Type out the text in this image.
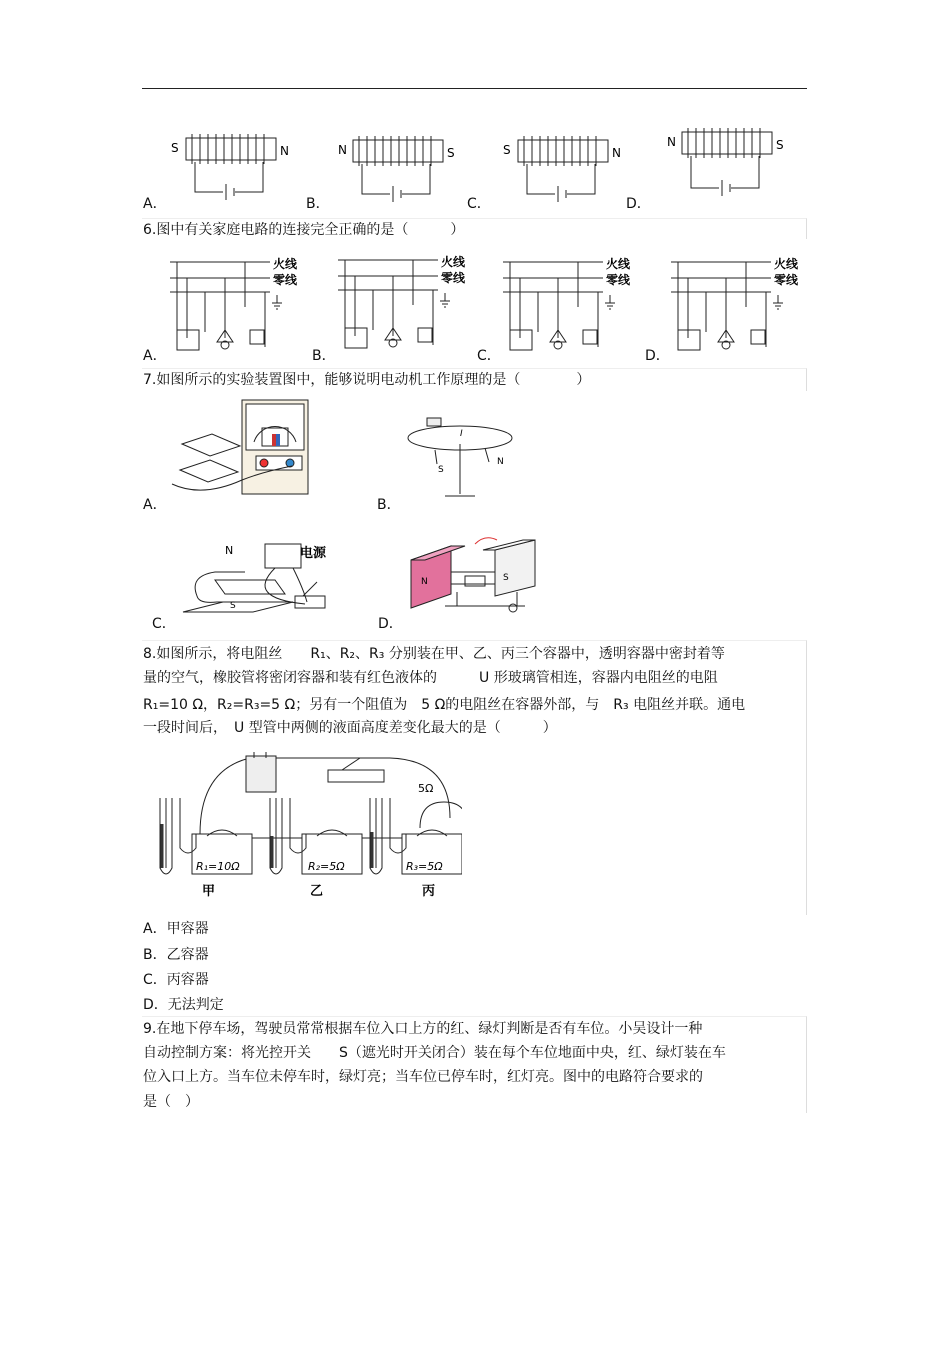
S	N	N	S	S	N
N	S
A．	B．	C．	D．
6.图中有关家庭电路的连接完全正确的是（　　　）
火线
零线
火线
零线
火线
零线
火线
零线
A．	B．	C．	D．
7.如图所示的实验装置图中，能够说明电动机工作原理的是（　　　　）
S
N
I
A．	B．
N	电源
S
N	S
C．	D．
8.如图所示，将电阻丝　　R₁、R₂、R₃ 分别装在甲、乙、丙三个容器中，透明容器中密封着等
量的空气，橡胶管将密闭容器和装有红色液体的　　　U 形玻璃管相连，容器内电阻丝的电阻
R₁=10 Ω，R₂=R₃=5 Ω；另有一个阻值为　5 Ω的电阻丝在容器外部，与　R₃ 电阻丝并联。通电
一段时间后，　U 型管中两侧的液面高度差变化最大的是（　　　）
R₁=10Ω	R₂=5Ω	R₃=5Ω
5Ω
甲	乙	丙
A．甲容器
B．乙容器
C．丙容器
D．无法判定
9.在地下停车场，驾驶员常常根据车位入口上方的红、绿灯判断是否有车位。小吴设计一种
自动控制方案：将光控开关　　S（遮光时开关闭合）装在每个车位地面中央，红、绿灯装在车
位入口上方。当车位未停车时，绿灯亮；当车位已停车时，红灯亮。图中的电路符合要求的
是（　）
